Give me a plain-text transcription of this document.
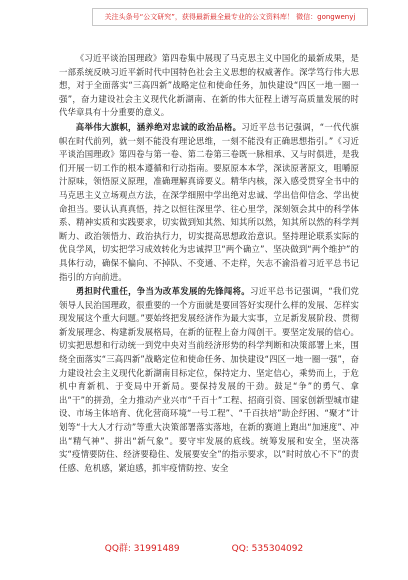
关注头条号“公文研究”，获得最新最全最专业的公文资料库！ 微信：gongwenyj

《习近平谈治国理政》第四卷集中展现了马克思主义中国化的最新成果，是一部系统反映习近平新时代中国特色社会主义思想的权威著作。深学笃行伟大思想，对于全面落实“三高四新”战略定位和使命任务，加快建设“四区一地一圈一强”，奋力建设社会主义现代化新湖南、在新的伟大征程上谱写高质量发展的时代华章具有十分重要的意义。

高举伟大旗帜，涵养绝对忠诚的政治品格。习近平总书记强调，“一代代旗帜在时代前列，就一刻不能没有理论思维，一刻不能没有正确思想指引。”《习近平谈治国理政》第四卷与第一卷、第二卷第三卷既一脉相承、又与时俱进，是我们开展一切工作的根本遵循和行动指南。要原原本本学，深读原著原文，咀嚼原汁原味，领悟原义原理，准确理解真谛要义。精华内核，深入感受贯穿全书中的马克思主义立场观点方法，在深学细照中学出绝对忠诚、学出信仰信念、学出使命担当。要认认真真悟，持之以恒往深里学、往心里学，深刻领会其中的科学体系、精神实质和实践要求，切实做到知其然、知其所以然，知其所以然的科学判断力、政治领悟力、政治执行力，切实提高思想政治意识。坚持理论联系实际的优良学风，切实把学习成效转化为忠诚捍卫“两个确立”、坚决做到“两个维护”的具体行动，确保不偏向、不掉队、不变通、不走样，矢志不渝沿着习近平总书记指引的方向前进。

勇担时代重任，争当为改革发展的先锋闯将。习近平总书记强调，“我们党领导人民治国理政，很重要的一个方面就是要回答好实现什么样的发展、怎样实现发展这个重大问题。”要始终把发展经济作为最大实事，立足新发展阶段、贯彻新发展理念、构建新发展格局，在新的征程上奋力闯创干。要坚定发展的信心。切实把思想和行动统一到党中央对当前经济形势的科学判断和决策部署上来，围绕全面落实“三高四新”战略定位和使命任务、加快建设“四区一地一圈一强”，奋力建设社会主义现代化新湖南目标定位，保持定力、坚定信心，乘势而上，于危机中育新机、于变局中开新局。要保持发展的干劲。鼓足“争”的勇气、拿出“干”的拼劲，全力推动产业兴市“千百十”工程、招商引资、国家创新型城市建设、市场主体培育、优化营商环境“一号工程”、“千百扶培”助企纾困、“聚才”计划等“十大人才行动”等重大决策部署落实落地，在新的赛道上跑出“加速度”、冲出“精气神”、拼出“新气象”。要守牢发展的底线。统筹发展和安全，坚决落实“疫情要防住、经济要稳住、发展要安全”的指示要求，以“时时放心不下”的责任感、危机感，紧迫感，抓牢疫情防控、安全

QQ群: 31991489	QQ: 535304092
